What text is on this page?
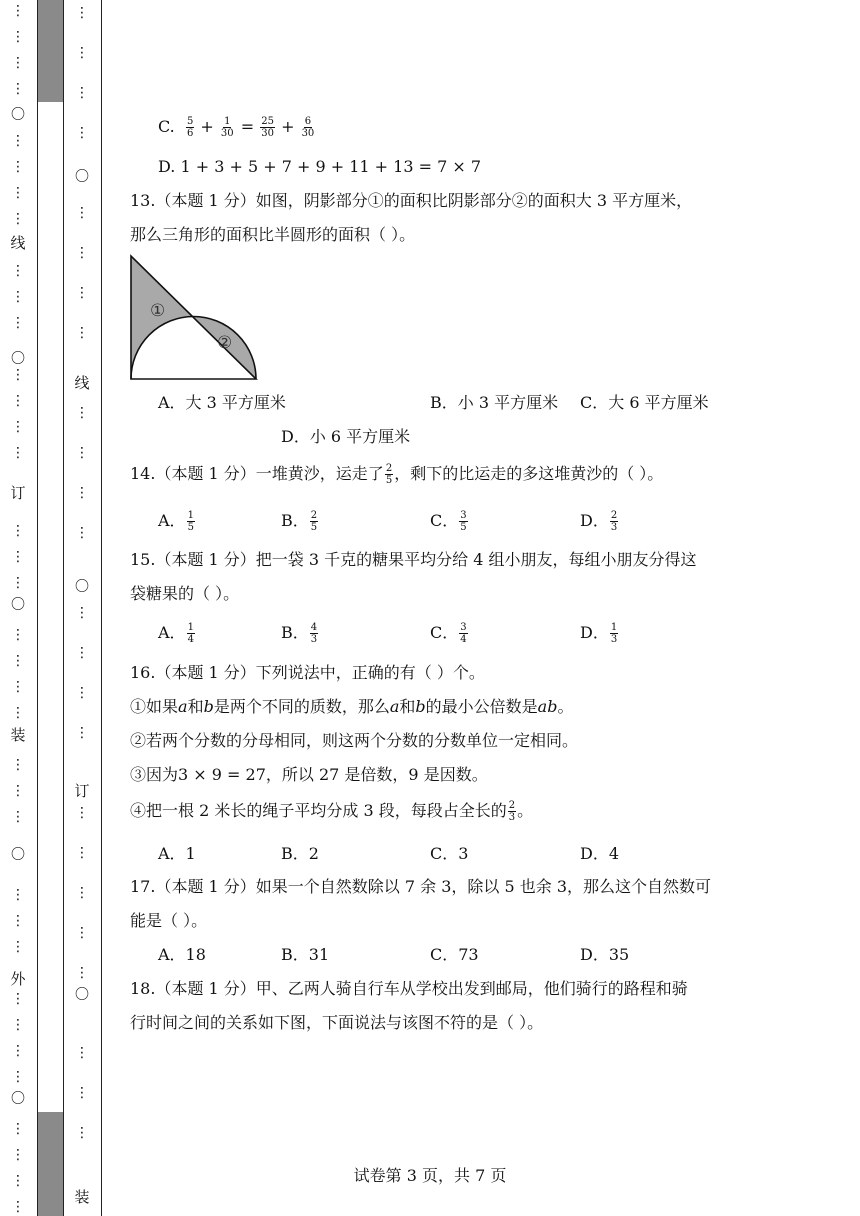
C. $\frac{5}{6} + \frac{1}{30} = \frac{25}{30} + \frac{6}{30}$
D. 1 + 3 + 5 + 7 + 9 + 11 + 13 = 7 × 7
13.（本题 1 分）如图，阴影部分①的面积比阴影部分②的面积大 3 平方厘米，
那么三角形的面积比半圆形的面积（ ）。
①
②
A．大 3 平方厘米	B．小 3 平方厘米 C．大 6 平方厘米
D．小 6 平方厘米
14.（本题 1 分）一堆黄沙，运走了 $\frac{2}{5}$ ，剩下的比运走的多这堆黄沙的（ ）。
A． $\frac{1}{5}$	B． $\frac{2}{5}$	C． $\frac{3}{5}$	D． $\frac{2}{3}$
15.（本题 1 分）把一袋 3 千克的糖果平均分给 4 组小朋友，每组小朋友分得这
袋糖果的（ ）。
A． $\frac{1}{4}$	B． $\frac{4}{3}$	C． $\frac{3}{4}$	D． $\frac{1}{3}$
16.（本题 1 分）下列说法中，正确的有（ ）个。
①如果a和b是两个不同的质数，那么a和b的最小公倍数是ab。
②若两个分数的分母相同，则这两个分数的分数单位一定相同。
③因为3 × 9 = 27，所以 27 是倍数，9 是因数。
④把一根 2 米长的绳子平均分成 3 段，每段占全长的 $\frac{2}{3}$ 。
A．1	B．2	C．3	D．4
17.（本题 1 分）如果一个自然数除以 7 余 3，除以 5 也余 3，那么这个自然数可
能是（ ）。
A．18	B．31	C．73	D．35
18.（本题 1 分）甲、乙两人骑自行车从学校出发到邮局，他们骑行的路程和骑
行时间之间的关系如下图，下面说法与该图不符的是（ ）。
试卷第 3 页，共 7 页
⋮
⋮
⋮
⋮
⋮
⋮
⋮
⋮
⋮
⋮
⋮
⋮
⋮
⋮
⋮
⋮
⋮
⋮
⋮
⋮
⋮
⋮
⋮
⋮
⋮
⋮
⋮
⋮
⋮
⋮
⋮
⋮
⋮
⋮
⋮
⋮
〇
〇
〇
〇
〇
线
订
装
外
⋮
⋮
⋮
⋮
⋮
⋮
⋮
⋮
⋮
⋮
⋮
⋮
⋮
⋮
⋮
⋮
⋮
⋮
⋮
⋮
⋮
⋮
⋮
⋮
〇
〇
〇
线
订
装
